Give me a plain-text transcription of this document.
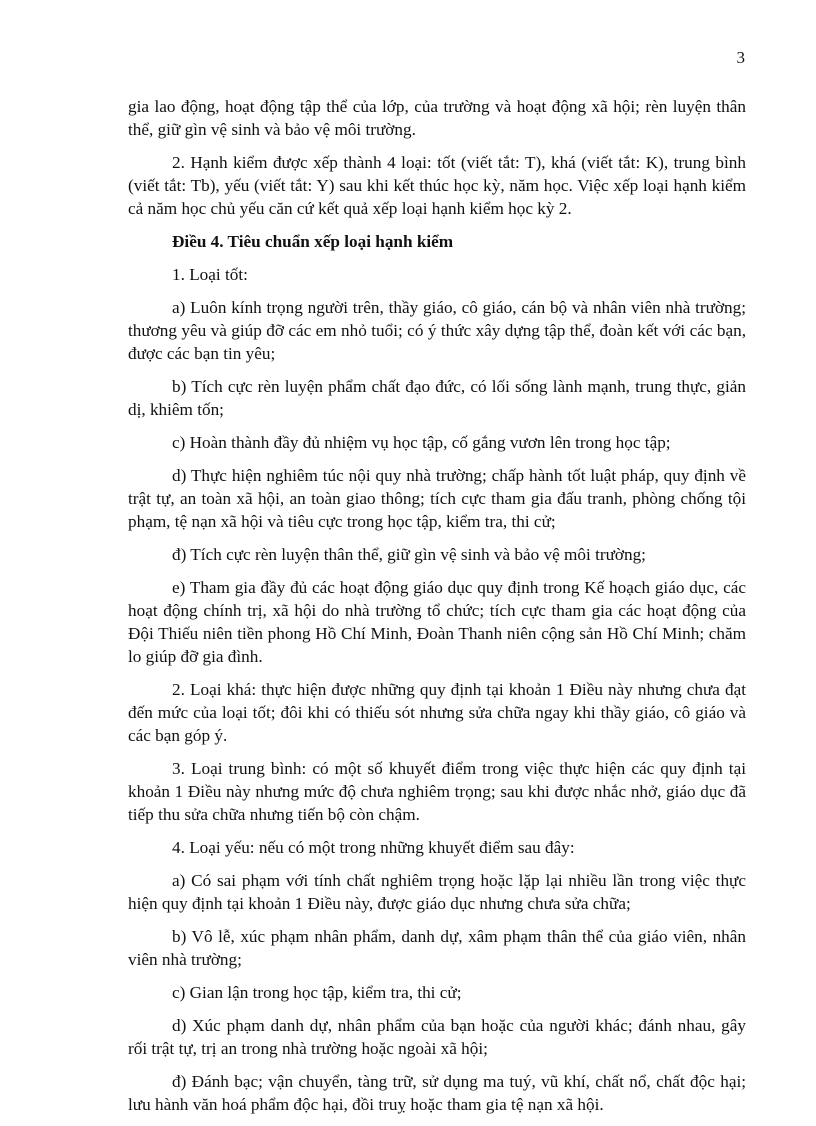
3

gia lao động, hoạt động tập thể của lớp, của trường và hoạt động xã hội; rèn luyện thân thể, giữ gìn vệ sinh và bảo vệ môi trường.

2. Hạnh kiểm được xếp thành 4 loại: tốt (viết tắt: T), khá (viết tắt: K), trung bình (viết tắt: Tb), yếu (viết tắt: Y) sau khi kết thúc học kỳ, năm học. Việc xếp loại hạnh kiểm cả năm học chủ yếu căn cứ kết quả xếp loại hạnh kiểm học kỳ 2.

Điều 4. Tiêu chuẩn xếp loại hạnh kiểm

1. Loại tốt:

a) Luôn kính trọng người trên, thầy giáo, cô giáo, cán bộ và nhân viên nhà trường; thương yêu và giúp đỡ các em nhỏ tuổi; có ý thức xây dựng tập thể, đoàn kết với các bạn, được các bạn tin yêu;

b) Tích cực rèn luyện phẩm chất đạo đức, có lối sống lành mạnh, trung thực, giản dị, khiêm tốn;

c) Hoàn thành đầy đủ nhiệm vụ học tập, cố gắng vươn lên trong học tập;

d) Thực hiện nghiêm túc nội quy nhà trường; chấp hành tốt luật pháp, quy định về trật tự, an toàn xã hội, an toàn giao thông; tích cực tham gia đấu tranh, phòng chống tội phạm, tệ nạn xã hội và tiêu cực trong học tập, kiểm tra, thi cử;

đ) Tích cực rèn luyện thân thể, giữ gìn vệ sinh và bảo vệ môi trường;

e) Tham gia đầy đủ các hoạt động giáo dục quy định trong Kế hoạch giáo dục, các hoạt động chính trị, xã hội do nhà trường tổ chức; tích cực tham gia các hoạt động của Đội Thiếu niên tiền phong Hồ Chí Minh, Đoàn Thanh niên cộng sản Hồ Chí Minh; chăm lo giúp đỡ gia đình.

2. Loại khá: thực hiện được những quy định tại khoản 1 Điều này nhưng chưa đạt đến mức của loại tốt; đôi khi có thiếu sót nhưng sửa chữa ngay khi thầy giáo, cô giáo và các bạn góp ý.

3. Loại trung bình: có một số khuyết điểm trong việc thực hiện các quy định tại khoản 1 Điều này nhưng mức độ chưa nghiêm trọng; sau khi được nhắc nhở, giáo dục đã tiếp thu sửa chữa nhưng tiến bộ còn chậm.

4. Loại yếu: nếu có một trong những khuyết điểm sau đây:

a) Có sai phạm với tính chất nghiêm trọng hoặc lặp lại nhiều lần trong việc thực hiện quy định tại khoản 1 Điều này, được giáo dục nhưng chưa sửa chữa;

b) Vô lễ, xúc phạm nhân phẩm, danh dự, xâm phạm thân thể của giáo viên, nhân viên nhà trường;

c) Gian lận trong học tập, kiểm tra, thi cử;

d) Xúc phạm danh dự, nhân phẩm của bạn hoặc của người khác; đánh nhau, gây rối trật tự, trị an trong nhà trường hoặc ngoài xã hội;

đ) Đánh bạc; vận chuyển, tàng trữ, sử dụng ma tuý, vũ khí, chất nổ, chất độc hại; lưu hành văn hoá phẩm độc hại, đồi truỵ hoặc tham gia tệ nạn xã hội.
